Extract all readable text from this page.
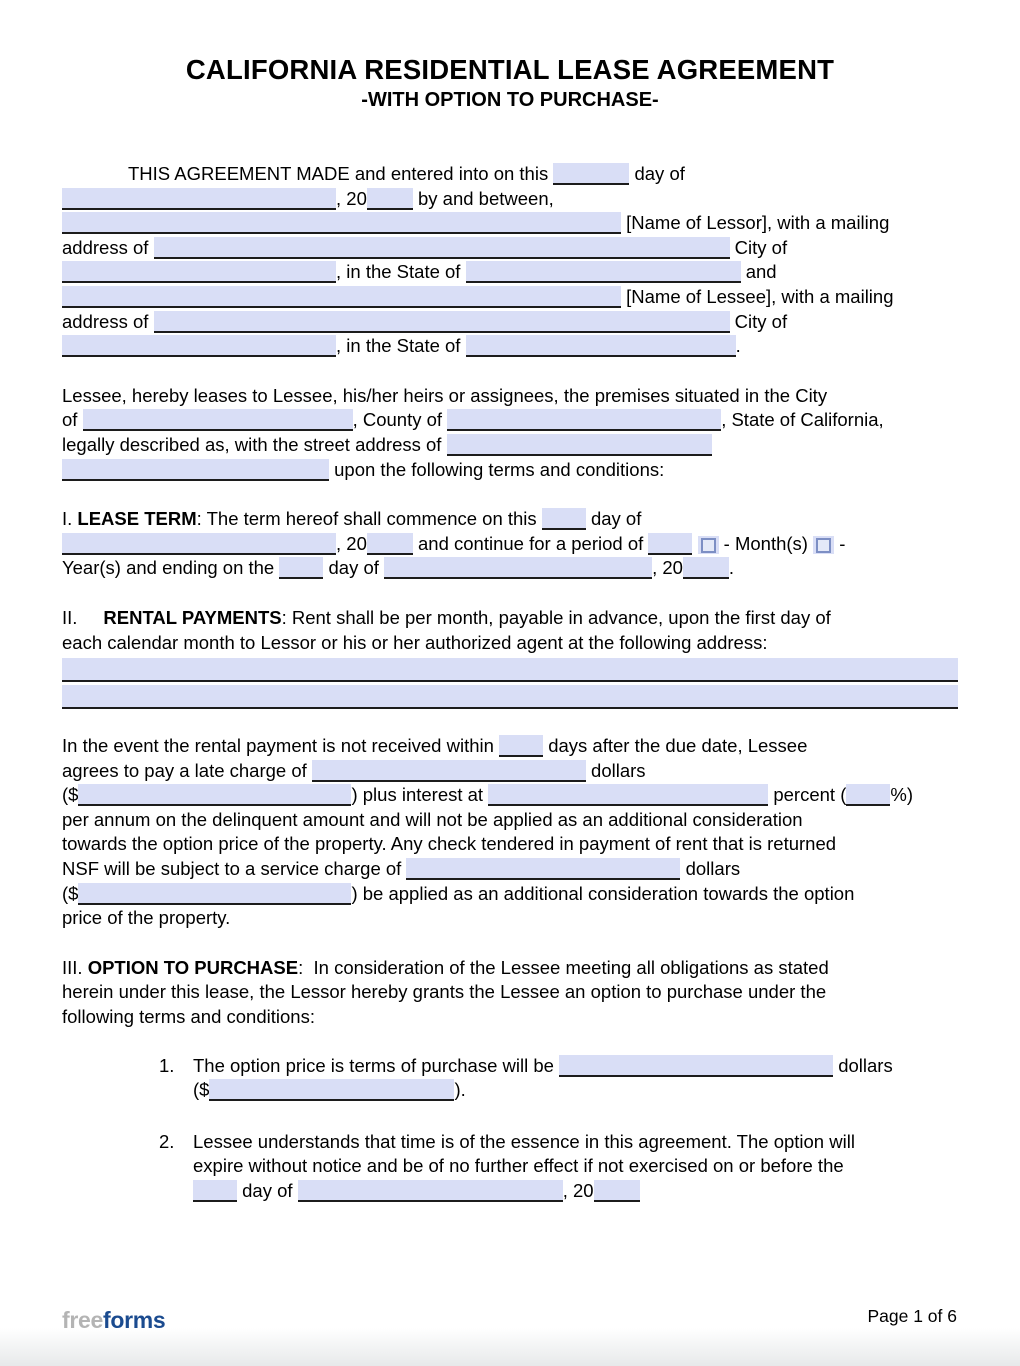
CALIFORNIA RESIDENTIAL LEASE AGREEMENT
-WITH OPTION TO PURCHASE-
THIS AGREEMENT MADE and entered into on this	day of
, 20 by and between,
[Name of Lessor], with a mailing
address of	City of
, in the State of	and
[Name of Lessee], with a mailing
address of	City of
, in the State of	.
Lessee, hereby leases to Lessee, his/her heirs or assignees, the premises situated in the City
of	, County of	, State of California,
legally described as, with the street address of
upon the following terms and conditions:
I. LEASE TERM: The term hereof shall commence on this  day of
, 20 and continue for a period of	- Month(s)  -
Year(s) and ending on the  day of	, 20 .
II. RENTAL PAYMENTS: Rent shall be per month, payable in advance, upon the first day of
each calendar month to Lessor or his or her authorized agent at the following address:
In the event the rental payment is not received within  days after the due date, Lessee
agrees to pay a late charge of	dollars
($	) plus interest at	percent ( %)
per annum on the delinquent amount and will not be applied as an additional consideration
towards the option price of the property. Any check tendered in payment of rent that is returned
NSF will be subject to a service charge of	dollars
($	) be applied as an additional consideration towards the option
price of the property.
III. OPTION TO PURCHASE:  In consideration of the Lessee meeting all obligations as stated
herein under this lease, the Lessor hereby grants the Lessee an option to purchase under the
following terms and conditions:
1.	The option price is terms of purchase will be	dollars
($	).
2.	Lessee understands that time is of the essence in this agreement. The option will
expire without notice and be of no further effect if not exercised on or before the
day of	, 20
freeforms	Page 1 of 6
